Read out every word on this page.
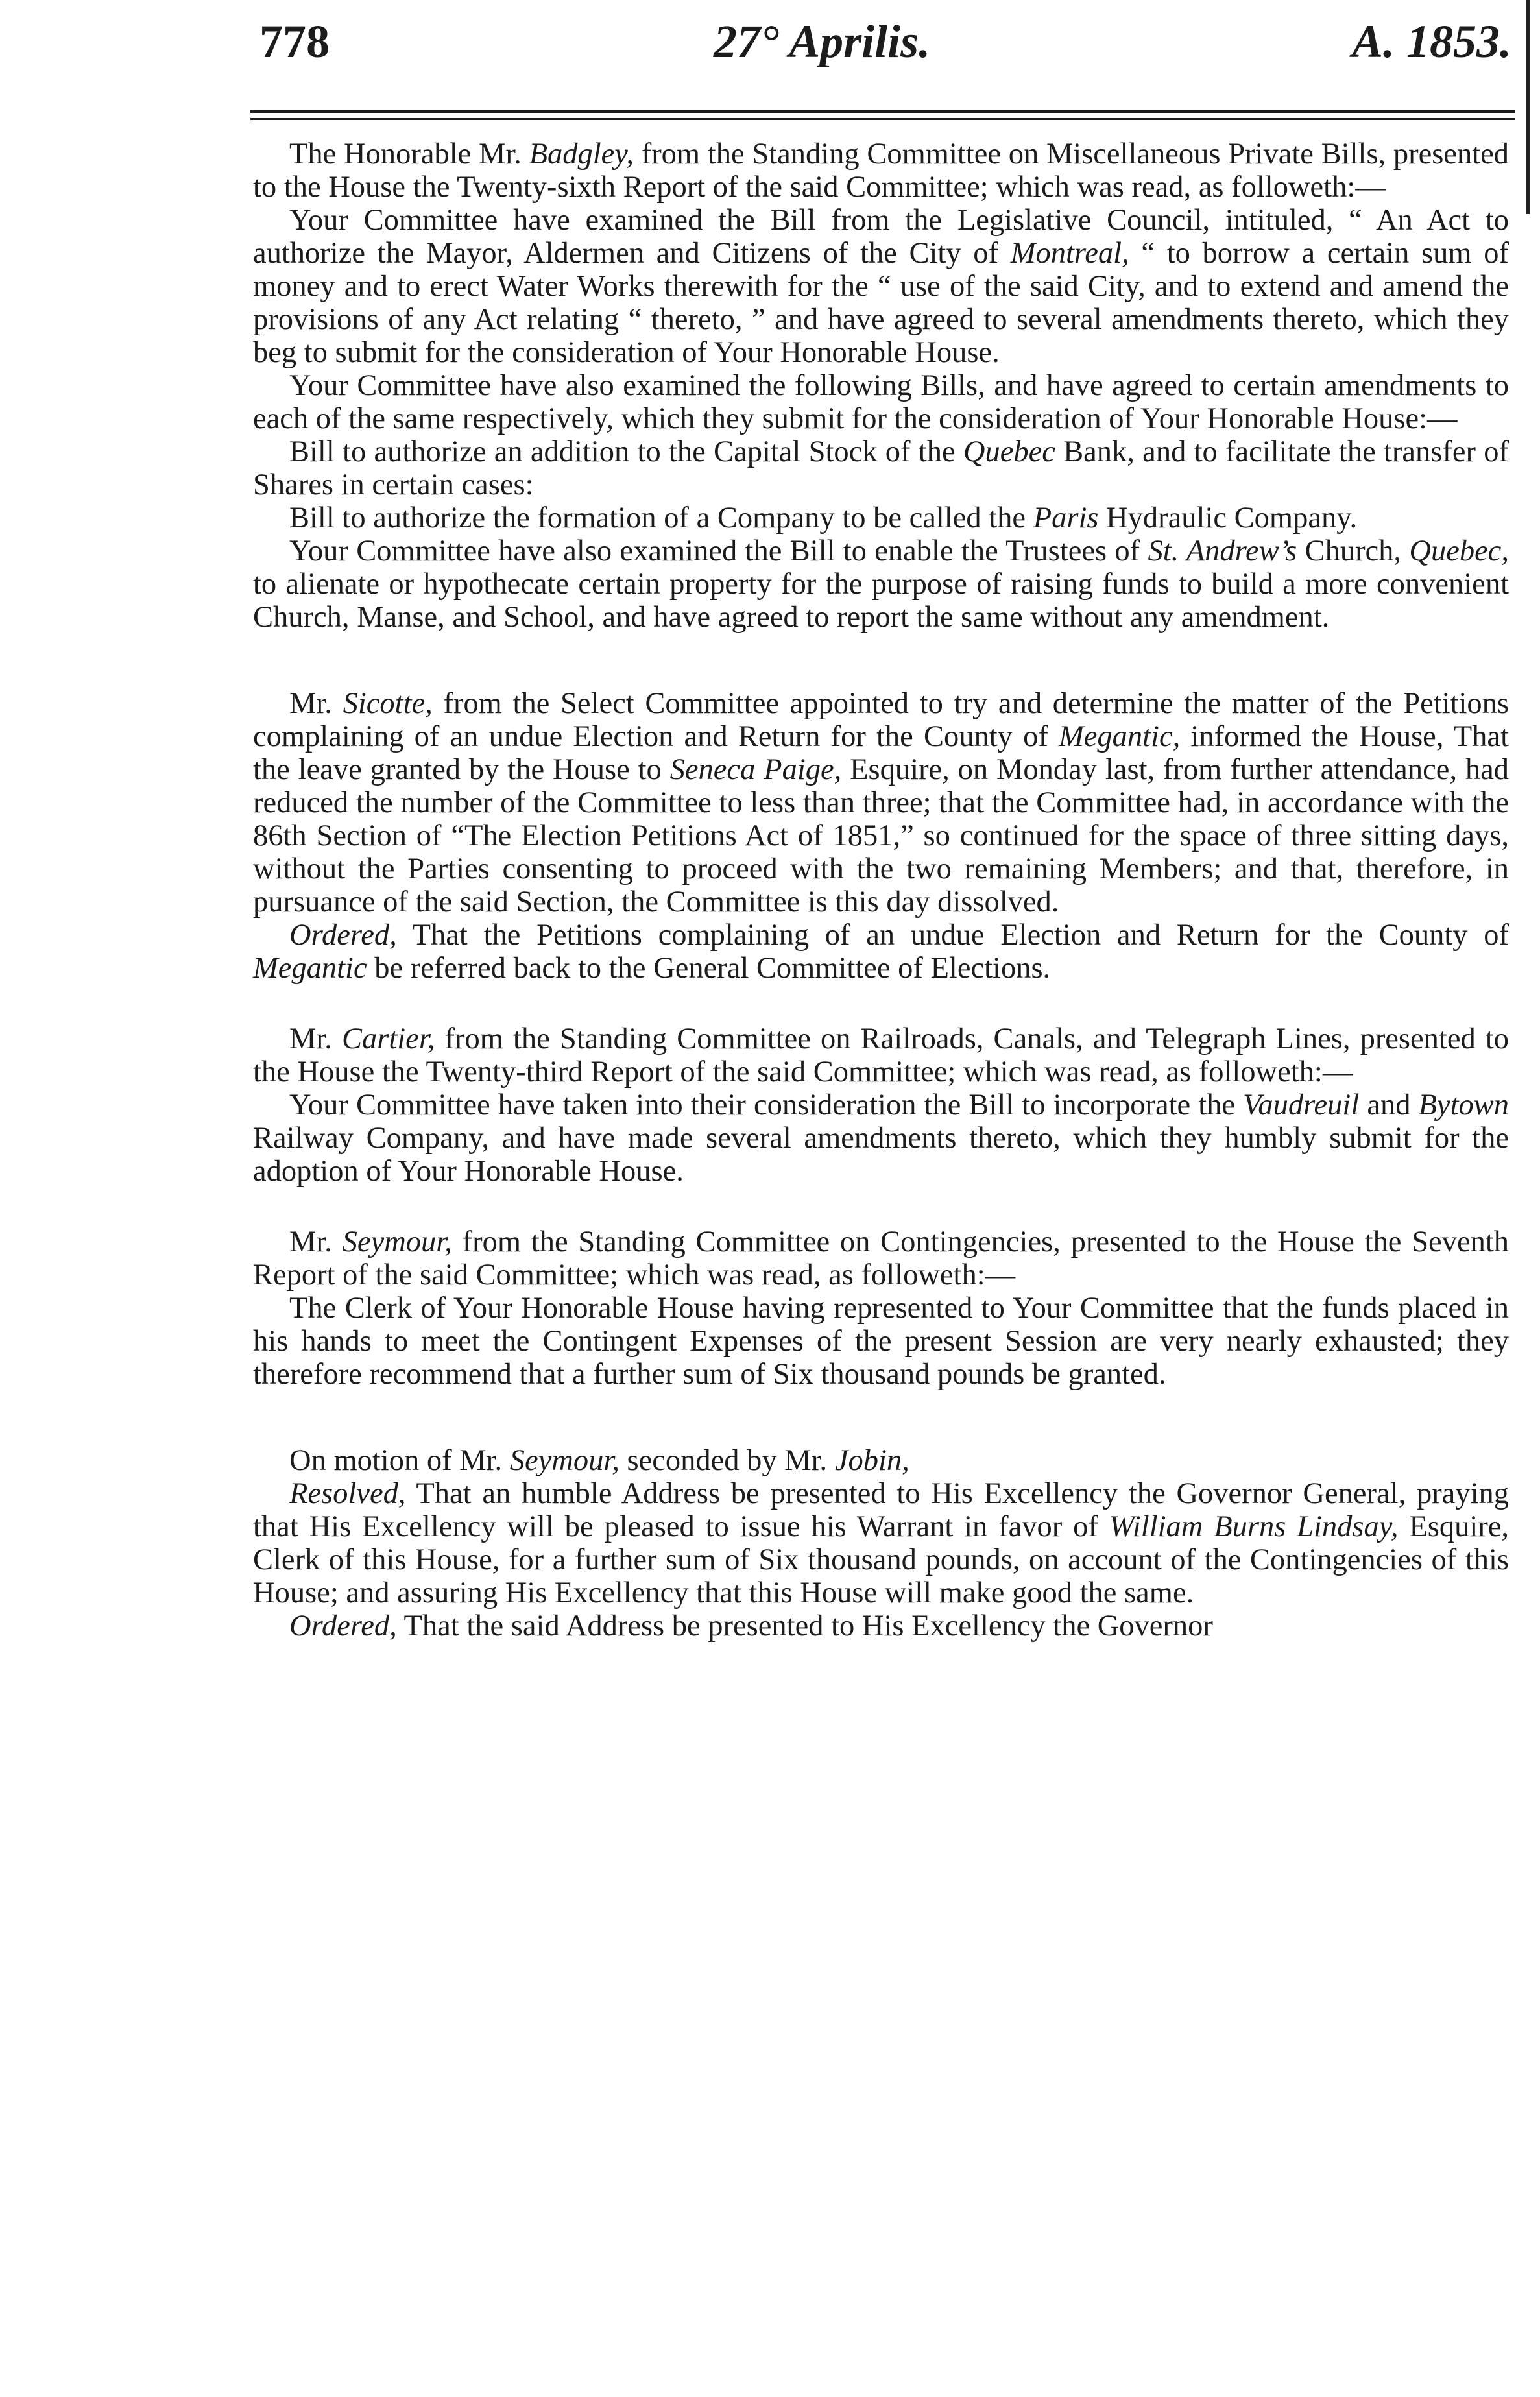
778	27° Aprilis.	A. 1853.

The Honorable Mr. Badgley, from the Standing Committee on Miscellaneous Private Bills, presented to the House the Twenty-sixth Report of the said Committee; which was read, as followeth:—

Your Committee have examined the Bill from the Legislative Council, intituled, “ An Act to authorize the Mayor, Aldermen and Citizens of the City of Montreal, “ to borrow a certain sum of money and to erect Water Works therewith for the “ use of the said City, and to extend and amend the provisions of any Act relating “ thereto, ” and have agreed to several amendments thereto, which they beg to submit for the consideration of Your Honorable House.

Your Committee have also examined the following Bills, and have agreed to certain amendments to each of the same respectively, which they submit for the consideration of Your Honorable House:—

Bill to authorize an addition to the Capital Stock of the Quebec Bank, and to facilitate the transfer of Shares in certain cases:

Bill to authorize the formation of a Company to be called the Paris Hydraulic Company.

Your Committee have also examined the Bill to enable the Trustees of St. Andrew’s Church, Quebec, to alienate or hypothecate certain property for the purpose of raising funds to build a more convenient Church, Manse, and School, and have agreed to report the same without any amendment.

Mr. Sicotte, from the Select Committee appointed to try and determine the matter of the Petitions complaining of an undue Election and Return for the County of Megantic, informed the House, That the leave granted by the House to Seneca Paige, Esquire, on Monday last, from further attendance, had reduced the number of the Committee to less than three; that the Committee had, in accordance with the 86th Section of “The Election Petitions Act of 1851,” so continued for the space of three sitting days, without the Parties consenting to proceed with the two remaining Members; and that, therefore, in pursuance of the said Section, the Committee is this day dissolved.

Ordered, That the Petitions complaining of an undue Election and Return for the County of Megantic be referred back to the General Committee of Elections.

Mr. Cartier, from the Standing Committee on Railroads, Canals, and Telegraph Lines, presented to the House the Twenty-third Report of the said Committee; which was read, as followeth:—

Your Committee have taken into their consideration the Bill to incorporate the Vaudreuil and Bytown Railway Company, and have made several amendments thereto, which they humbly submit for the adoption of Your Honorable House.

Mr. Seymour, from the Standing Committee on Contingencies, presented to the House the Seventh Report of the said Committee; which was read, as followeth:—

The Clerk of Your Honorable House having represented to Your Committee that the funds placed in his hands to meet the Contingent Expenses of the present Session are very nearly exhausted; they therefore recommend that a further sum of Six thousand pounds be granted.

On motion of Mr. Seymour, seconded by Mr. Jobin,

Resolved, That an humble Address be presented to His Excellency the Governor General, praying that His Excellency will be pleased to issue his Warrant in favor of William Burns Lindsay, Esquire, Clerk of this House, for a further sum of Six thousand pounds, on account of the Contingencies of this House; and assuring His Excellency that this House will make good the same.

Ordered, That the said Address be presented to His Excellency the Governor
